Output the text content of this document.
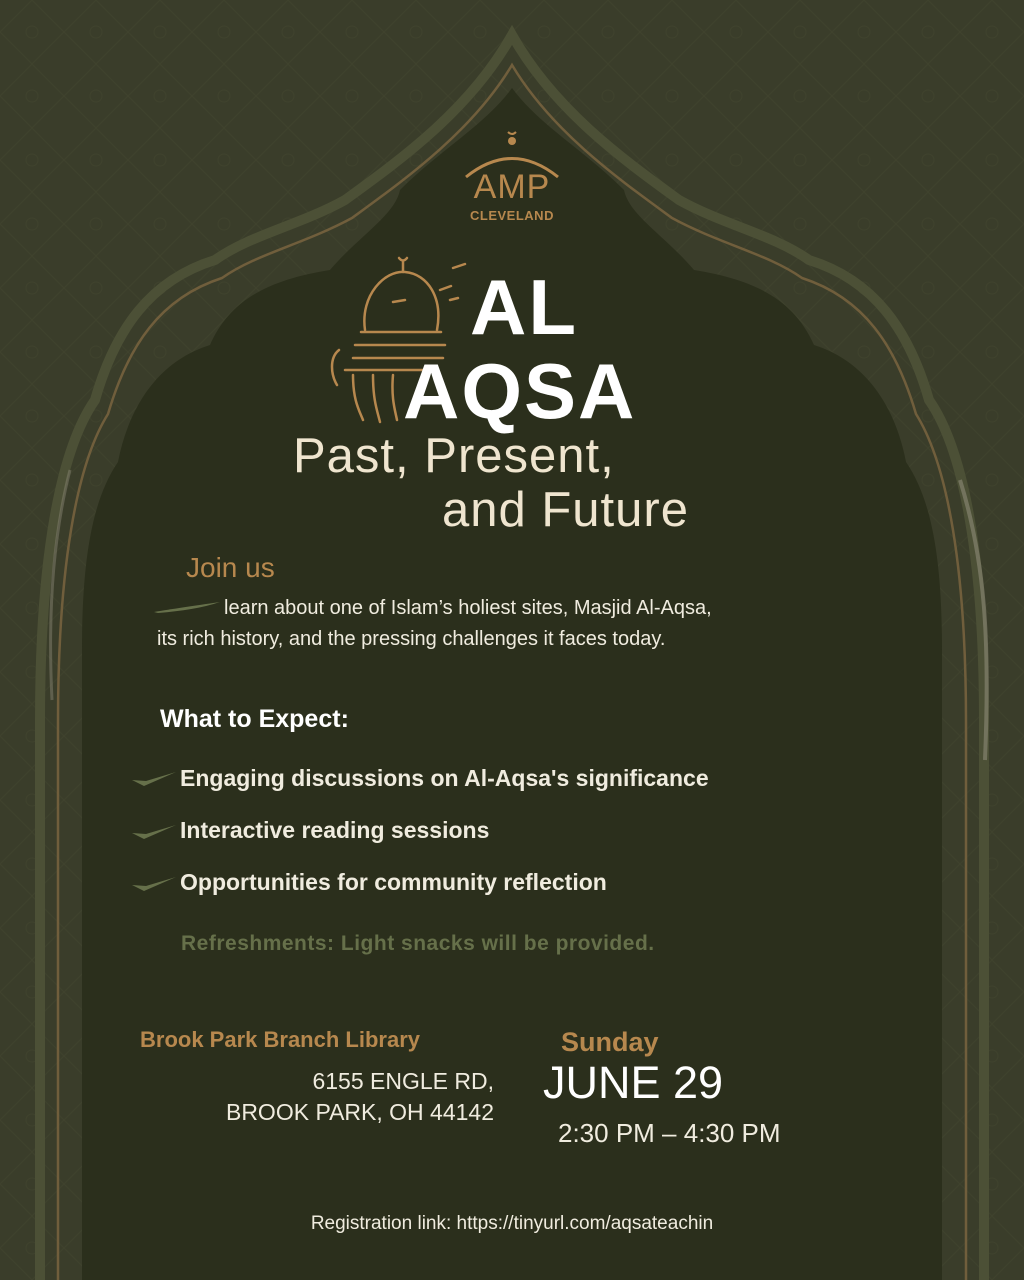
AMP
CLEVELAND
AL
AQSA
Past, Present,
and Future
Join us
learn about one of Islam’s holiest sites, Masjid Al-Aqsa,
its rich history, and the pressing challenges it faces today.
What to Expect:
Engaging discussions on Al-Aqsa's significance
Interactive reading sessions
Opportunities for community reflection
Refreshments: Light snacks will be provided.
Brook Park Branch Library
6155 ENGLE RD,
BROOK PARK, OH 44142
Sunday
JUNE 29
2:30 PM – 4:30 PM
Registration link: https://tinyurl.com/aqsateachin
